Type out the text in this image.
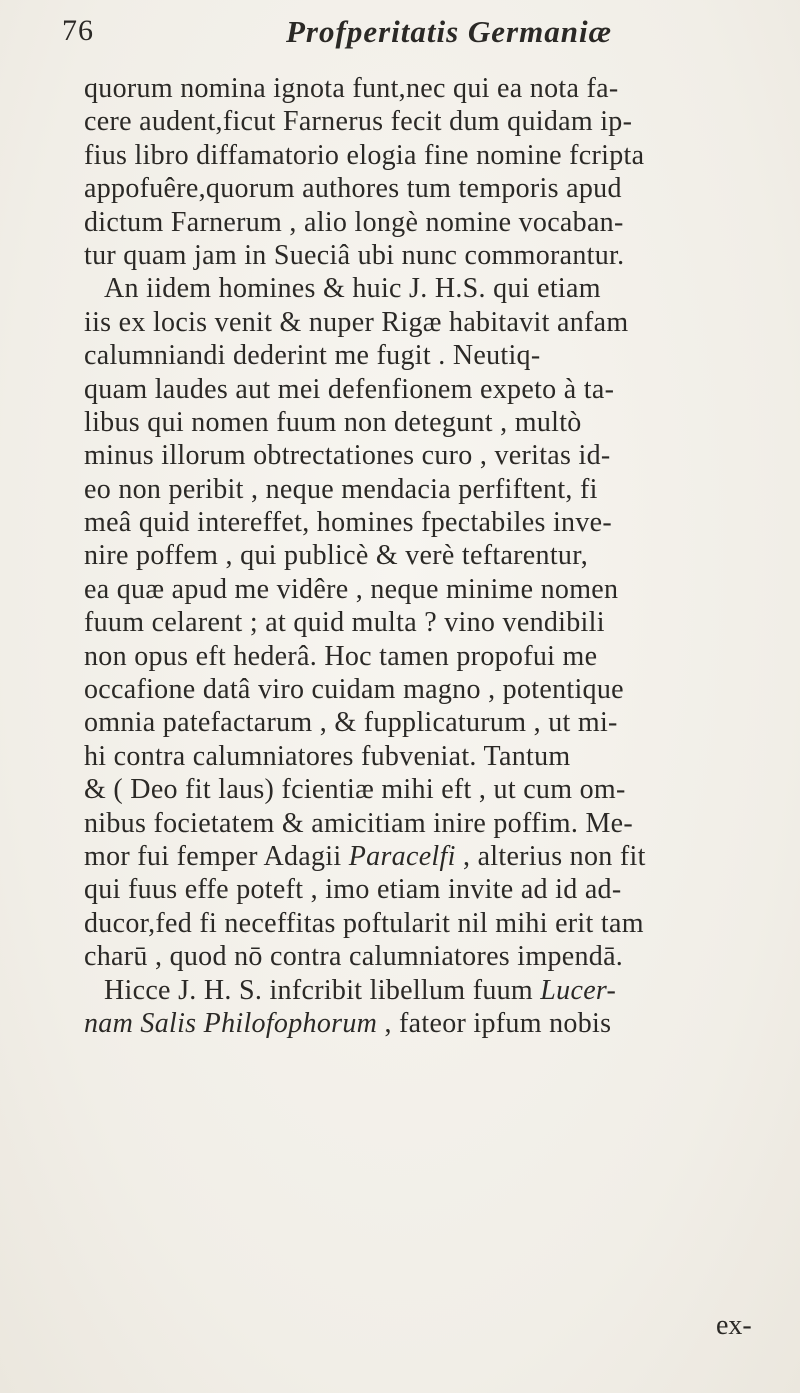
76	Profperitatis Germaniæ
quorum nomina ignota funt,nec qui ea nota fa-
cere audent,ficut Farnerus fecit dum quidam ip-
fius libro diffamatorio elogia fine nomine fcripta
appofuêre,quorum authores tum temporis apud
dictum Farnerum , alio longè nomine vocaban-
tur quam jam in Sueciâ ubi nunc commorantur.
An iidem homines & huic J. H.S. qui etiam
iis ex locis venit & nuper Rigæ habitavit anfam
calumniandi dederint me fugit . Neutiq-
quam laudes aut mei defenfionem expeto à ta-
libus qui nomen fuum non detegunt , multò
minus illorum obtrectationes curo , veritas id-
eo non peribit , neque mendacia perfiftent, fi
meâ quid intereffet, homines fpectabiles inve-
nire poffem , qui publicè & verè teftarentur,
ea quæ apud me vidêre , neque minime nomen
fuum celarent ; at quid multa ? vino vendibili
non opus eft hederâ. Hoc tamen propofui me
occafione datâ viro cuidam magno , potentique
omnia patefactarum , & fupplicaturum , ut mi-
hi contra calumniatores fubveniat. Tantum
& ( Deo fit laus) fcientiæ mihi eft , ut cum om-
nibus focietatem & amicitiam inire poffim. Me-
mor fui femper Adagii Paracelfi , alterius non fit
qui fuus effe poteft , imo etiam invite ad id ad-
ducor,fed fi neceffitas poftularit nil mihi erit tam
charū , quod nō contra calumniatores impendā.
Hicce J. H. S. infcribit libellum fuum Lucer-
nam Salis Philofophorum , fateor ipfum nobis
ex-
